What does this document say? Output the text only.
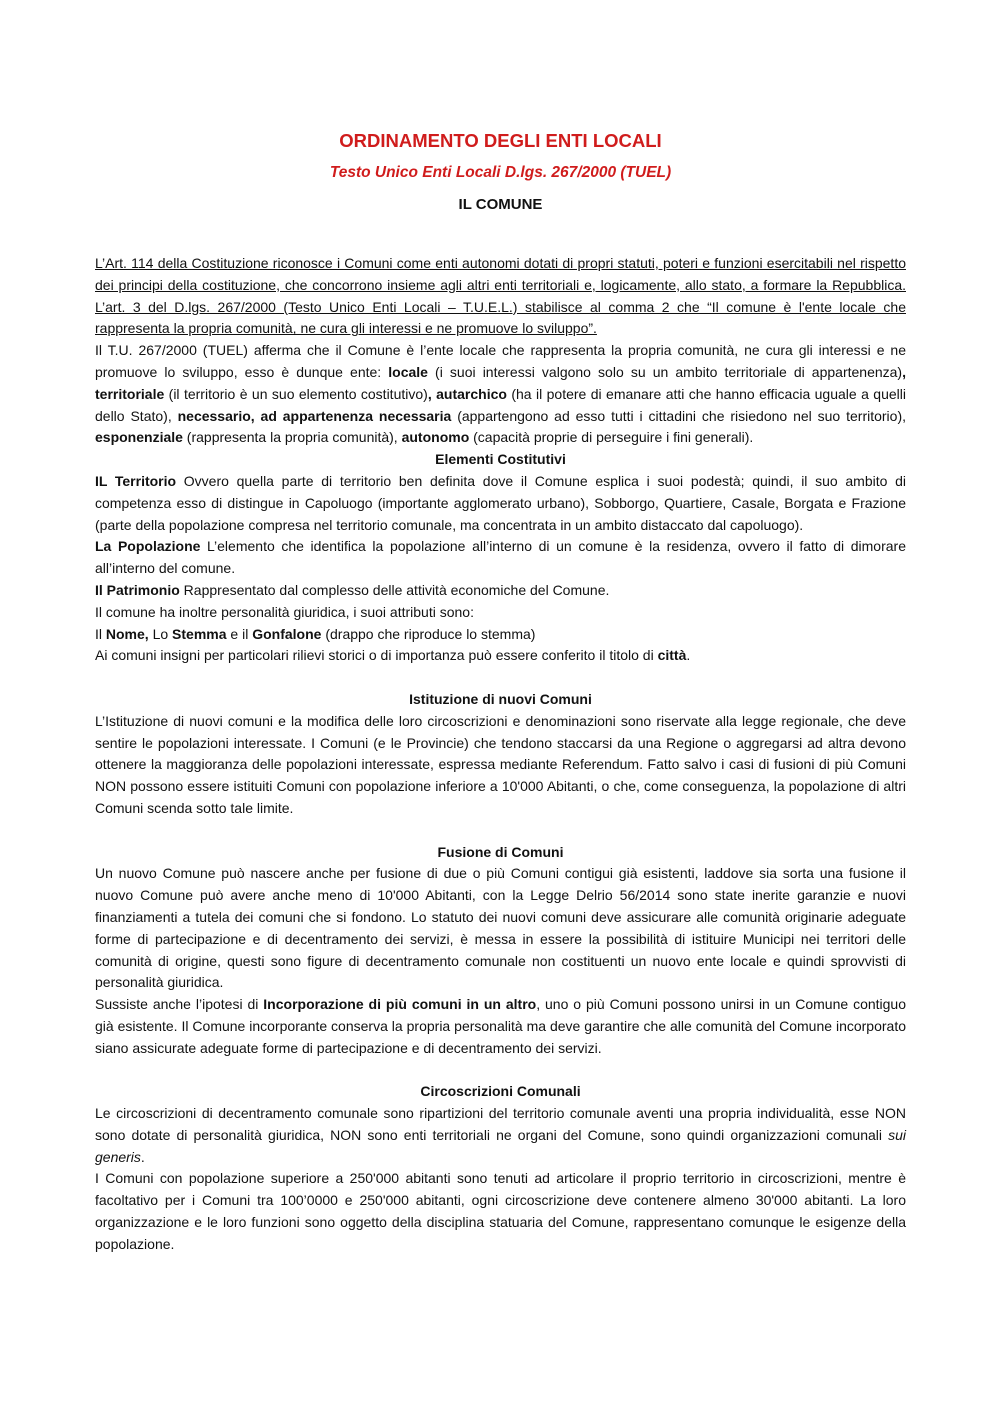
ORDINAMENTO DEGLI ENTI LOCALI
Testo Unico Enti Locali D.lgs. 267/2000 (TUEL)
IL COMUNE

L’Art. 114 della Costituzione riconosce i Comuni come enti autonomi dotati di propri statuti, poteri e funzioni esercitabili nel rispetto dei principi della costituzione, che concorrono insieme agli altri enti territoriali e, logicamente, allo stato, a formare la Repubblica. L’art. 3 del D.lgs. 267/2000 (Testo Unico Enti Locali – T.U.E.L.) stabilisce al comma 2 che “Il comune è l'ente locale che rappresenta la propria comunità, ne cura gli interessi e ne promuove lo sviluppo”.

Il T.U. 267/2000 (TUEL) afferma che il Comune è l’ente locale che rappresenta la propria comunità, ne cura gli interessi e ne promuove lo sviluppo, esso è dunque ente: locale (i suoi interessi valgono solo su un ambito territoriale di appartenenza), territoriale (il territorio è un suo elemento costitutivo), autarchico (ha il potere di emanare atti che hanno efficacia uguale a quelli dello Stato), necessario, ad appartenenza necessaria (appartengono ad esso tutti i cittadini che risiedono nel suo territorio), esponenziale (rappresenta la propria comunità), autonomo (capacità proprie di perseguire i fini generali).

Elementi Costitutivi

IL Territorio Ovvero quella parte di territorio ben definita dove il Comune esplica i suoi podestà; quindi, il suo ambito di competenza esso di distingue in Capoluogo (importante agglomerato urbano), Sobborgo, Quartiere, Casale, Borgata e Frazione (parte della popolazione compresa nel territorio comunale, ma concentrata in un ambito distaccato dal capoluogo).

La Popolazione L’elemento che identifica la popolazione all’interno di un comune è la residenza, ovvero il fatto di dimorare all’interno del comune.

Il Patrimonio Rappresentato dal complesso delle attività economiche del Comune.

Il comune ha inoltre personalità giuridica, i suoi attributi sono:

Il Nome, Lo Stemma e il Gonfalone (drappo che riproduce lo stemma)

Ai comuni insigni per particolari rilievi storici o di importanza può essere conferito il titolo di città.

Istituzione di nuovi Comuni

L’Istituzione di nuovi comuni e la modifica delle loro circoscrizioni e denominazioni sono riservate alla legge regionale, che deve sentire le popolazioni interessate. I Comuni (e le Provincie) che tendono staccarsi da una Regione o aggregarsi ad altra devono ottenere la maggioranza delle popolazioni interessate, espressa mediante Referendum. Fatto salvo i casi di fusioni di più Comuni NON possono essere istituiti Comuni con popolazione inferiore a 10'000 Abitanti, o che, come conseguenza, la popolazione di altri Comuni scenda sotto tale limite.

Fusione di Comuni

Un nuovo Comune può nascere anche per fusione di due o più Comuni contigui già esistenti, laddove sia sorta una fusione il nuovo Comune può avere anche meno di 10'000 Abitanti, con la Legge Delrio 56/2014 sono state inerite garanzie e nuovi finanziamenti a tutela dei comuni che si fondono. Lo statuto dei nuovi comuni deve assicurare alle comunità originarie adeguate forme di partecipazione e di decentramento dei servizi, è messa in essere la possibilità di istituire Municipi nei territori delle comunità di origine, questi sono figure di decentramento comunale non costituenti un nuovo ente locale e quindi sprovvisti di personalità giuridica.

Sussiste anche l’ipotesi di Incorporazione di più comuni in un altro, uno o più Comuni possono unirsi in un Comune contiguo già esistente. Il Comune incorporante conserva la propria personalità ma deve garantire che alle comunità del Comune incorporato siano assicurate adeguate forme di partecipazione e di decentramento dei servizi.

Circoscrizioni Comunali

Le circoscrizioni di decentramento comunale sono ripartizioni del territorio comunale aventi una propria individualità, esse NON sono dotate di personalità giuridica, NON sono enti territoriali ne organi del Comune, sono quindi organizzazioni comunali sui generis.

I Comuni con popolazione superiore a 250'000 abitanti sono tenuti ad articolare il proprio territorio in circoscrizioni, mentre è facoltativo per i Comuni tra 100’0000 e 250'000 abitanti, ogni circoscrizione deve contenere almeno 30'000 abitanti. La loro organizzazione e le loro funzioni sono oggetto della disciplina statuaria del Comune, rappresentano comunque le esigenze della popolazione.
